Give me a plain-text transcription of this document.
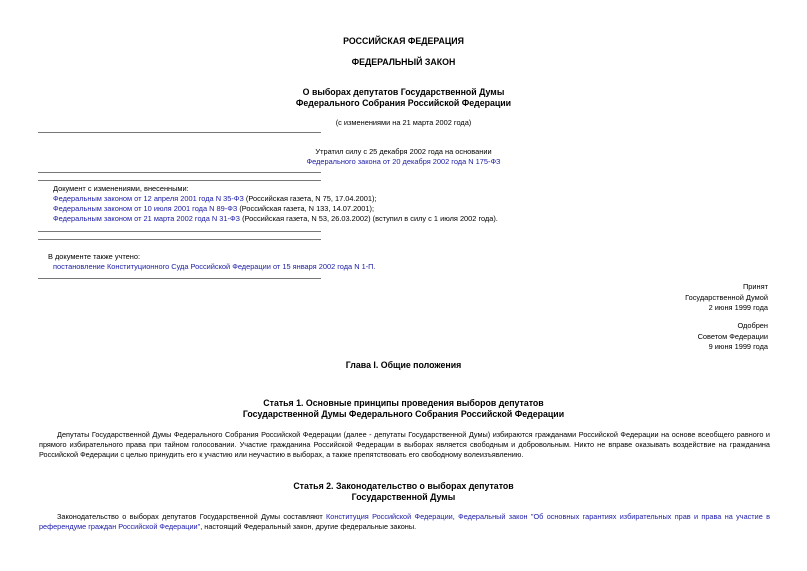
РОССИЙСКАЯ ФЕДЕРАЦИЯ
ФЕДЕРАЛЬНЫЙ ЗАКОН
О выборах депутатов Государственной Думы
Федерального Собрания Российской Федерации
(с изменениями на 21 марта 2002 года)
Утратил силу с 25 декабря 2002 года на основании
Федерального закона от 20 декабря 2002 года N 175-ФЗ
Документ с изменениями, внесенными:
Федеральным законом от 12 апреля 2001 года N 35-ФЗ (Российская газета, N 75, 17.04.2001);
Федеральным законом от 10 июля 2001 года N 89-ФЗ (Российская газета, N 133, 14.07.2001);
Федеральным законом от 21 марта 2002 года N 31-ФЗ (Российская газета, N 53, 26.03.2002) (вступил в силу с 1 июля 2002 года).
В документе также учтено:
постановление Конституционного Суда Российской Федерации от 15 января 2002 года N 1-П.
Принят
Государственной Думой
2 июня 1999 года
Одобрен
Советом Федерации
9 июня 1999 года
Глава I. Общие положения
Статья 1. Основные принципы проведения выборов депутатов
Государственной Думы Федерального Собрания Российской Федерации
Депутаты Государственной Думы Федерального Собрания Российской Федерации (далее - депутаты Государственной Думы) избираются гражданами Российской Федерации на основе всеобщего равного и прямого избирательного права при тайном голосовании. Участие гражданина Российской Федерации в выборах является свободным и добровольным. Никто не вправе оказывать воздействие на гражданина Российской Федерации с целью принудить его к участию или неучастию в выборах, а также препятствовать его свободному волеизъявлению.
Статья 2. Законодательство о выборах депутатов
Государственной Думы
Законодательство о выборах депутатов Государственной Думы составляют Конституция Российской Федерации, Федеральный закон "Об основных гарантиях избирательных прав и права на участие в референдуме граждан Российской Федерации", настоящий Федеральный закон, другие федеральные законы.
